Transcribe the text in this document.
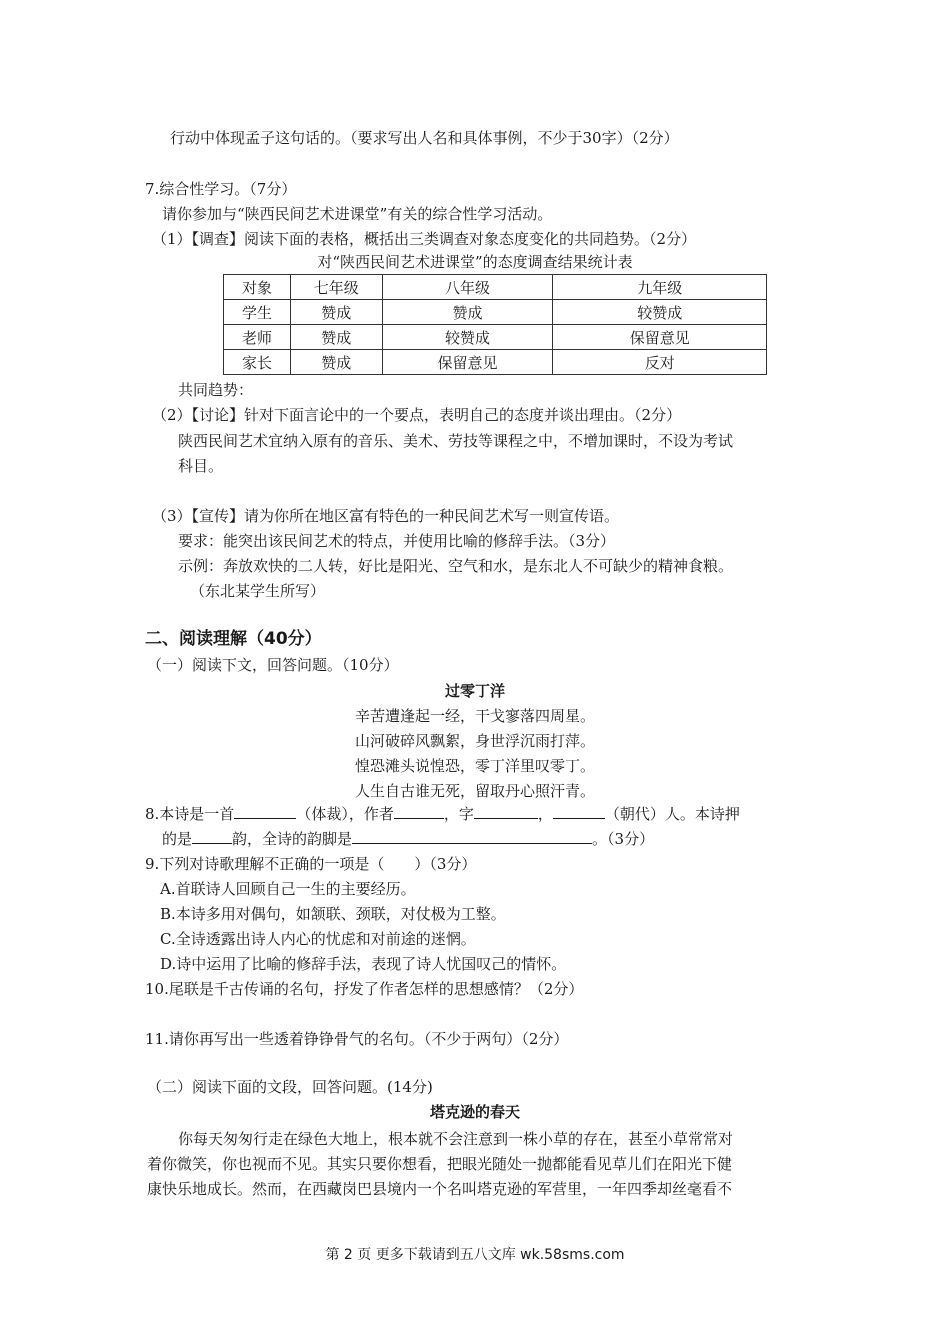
行动中体现孟子这句话的。（要求写出人名和具体事例，不少于30字）（2分）
7.综合性学习。（7分）
请你参加与“陕西民间艺术进课堂”有关的综合性学习活动。
（1）【调查】阅读下面的表格，概括出三类调查对象态度变化的共同趋势。（2分）
对“陕西民间艺术进课堂”的态度调查结果统计表
对象	七年级	八年级	九年级
学生	赞成	赞成	较赞成
老师	赞成	较赞成	保留意见
家长	赞成	保留意见	反对
共同趋势：
（2）【讨论】针对下面言论中的一个要点，表明自己的态度并谈出理由。（2分）
陕西民间艺术宜纳入原有的音乐、美术、劳技等课程之中，不增加课时，不设为考试
科目。
（3）【宣传】请为你所在地区富有特色的一种民间艺术写一则宣传语。
要求：能突出该民间艺术的特点，并使用比喻的修辞手法。（3分）
示例：奔放欢快的二人转，好比是阳光、空气和水，是东北人不可缺少的精神食粮。
（东北某学生所写）
二、阅读理解（40分）
（一）阅读下文，回答问题。（10分）
过零丁洋
辛苦遭逢起一经，干戈寥落四周星。
山河破碎风飘絮，身世浮沉雨打萍。
惶恐滩头说惶恐，零丁洋里叹零丁。
人生自古谁无死，留取丹心照汗青。
8.本诗是一首	（体裁），作者	，字	，	（朝代）人。本诗押
的是	韵，全诗的韵脚是	。（3分）
9.下列对诗歌理解不正确的一项是（　　）（3分）
A.首联诗人回顾自己一生的主要经历。
B.本诗多用对偶句，如颔联、颈联，对仗极为工整。
C.全诗透露出诗人内心的忧虑和对前途的迷惘。
D.诗中运用了比喻的修辞手法，表现了诗人忧国叹己的情怀。
10.尾联是千古传诵的名句，抒发了作者怎样的思想感情？（2分）
11.请你再写出一些透着铮铮骨气的名句。（不少于两句）（2分）
（二）阅读下面的文段，回答问题。(14分)
塔克逊的春天
你每天匆匆行走在绿色大地上，根本就不会注意到一株小草的存在，甚至小草常常对
着你微笑，你也视而不见。其实只要你想看，把眼光随处一抛都能看见草儿们在阳光下健
康快乐地成长。然而，在西藏岗巴县境内一个名叫塔克逊的军营里，一年四季却丝毫看不
第 2 页 更多下载请到五八文库 wk.58sms.com
